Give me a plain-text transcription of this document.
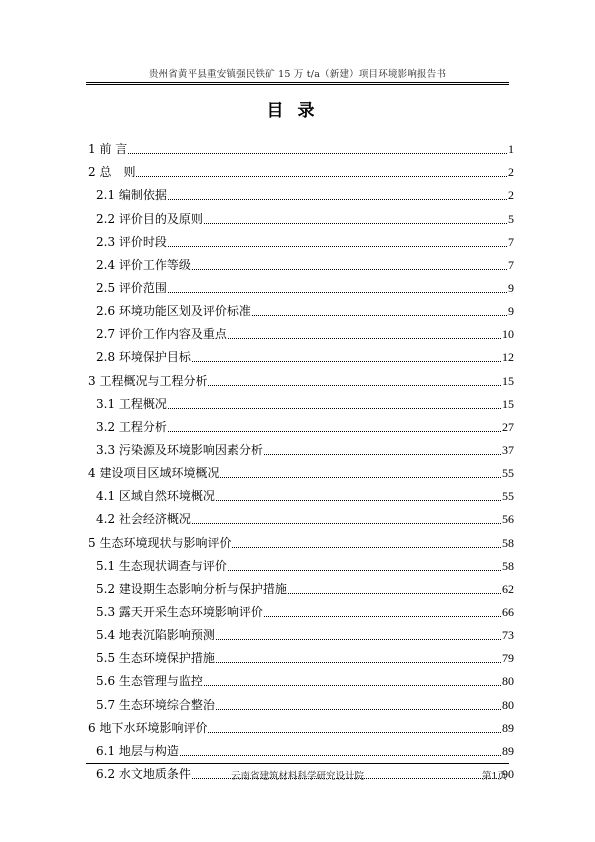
贵州省黄平县重安镇强民铁矿 15 万 t/a（新建）项目环境影响报告书
目录
1 前 言	1
2 总　则	2
2.1 编制依据	2
2.2 评价目的及原则	5
2.3 评价时段	7
2.4 评价工作等级	7
2.5 评价范围	9
2.6 环境功能区划及评价标准	9
2.7 评价工作内容及重点	10
2.8 环境保护目标	12
3 工程概况与工程分析	15
3.1 工程概况	15
3.2 工程分析	27
3.3 污染源及环境影响因素分析	37
4 建设项目区域环境概况	55
4.1 区域自然环境概况	55
4.2 社会经济概况	56
5 生态环境现状与影响评价	58
5.1 生态现状调查与评价	58
5.2 建设期生态影响分析与保护措施	62
5.3 露天开采生态环境影响评价	66
5.4 地表沉陷影响预测	73
5.5 生态环境保护措施	79
5.6 生态管理与监控	80
5.7 生态环境综合整治	80
6 地下水环境影响评价	89
6.1 地层与构造	89
6.2 水文地质条件	90
云南省建筑材料科学研究设计院	第1页
